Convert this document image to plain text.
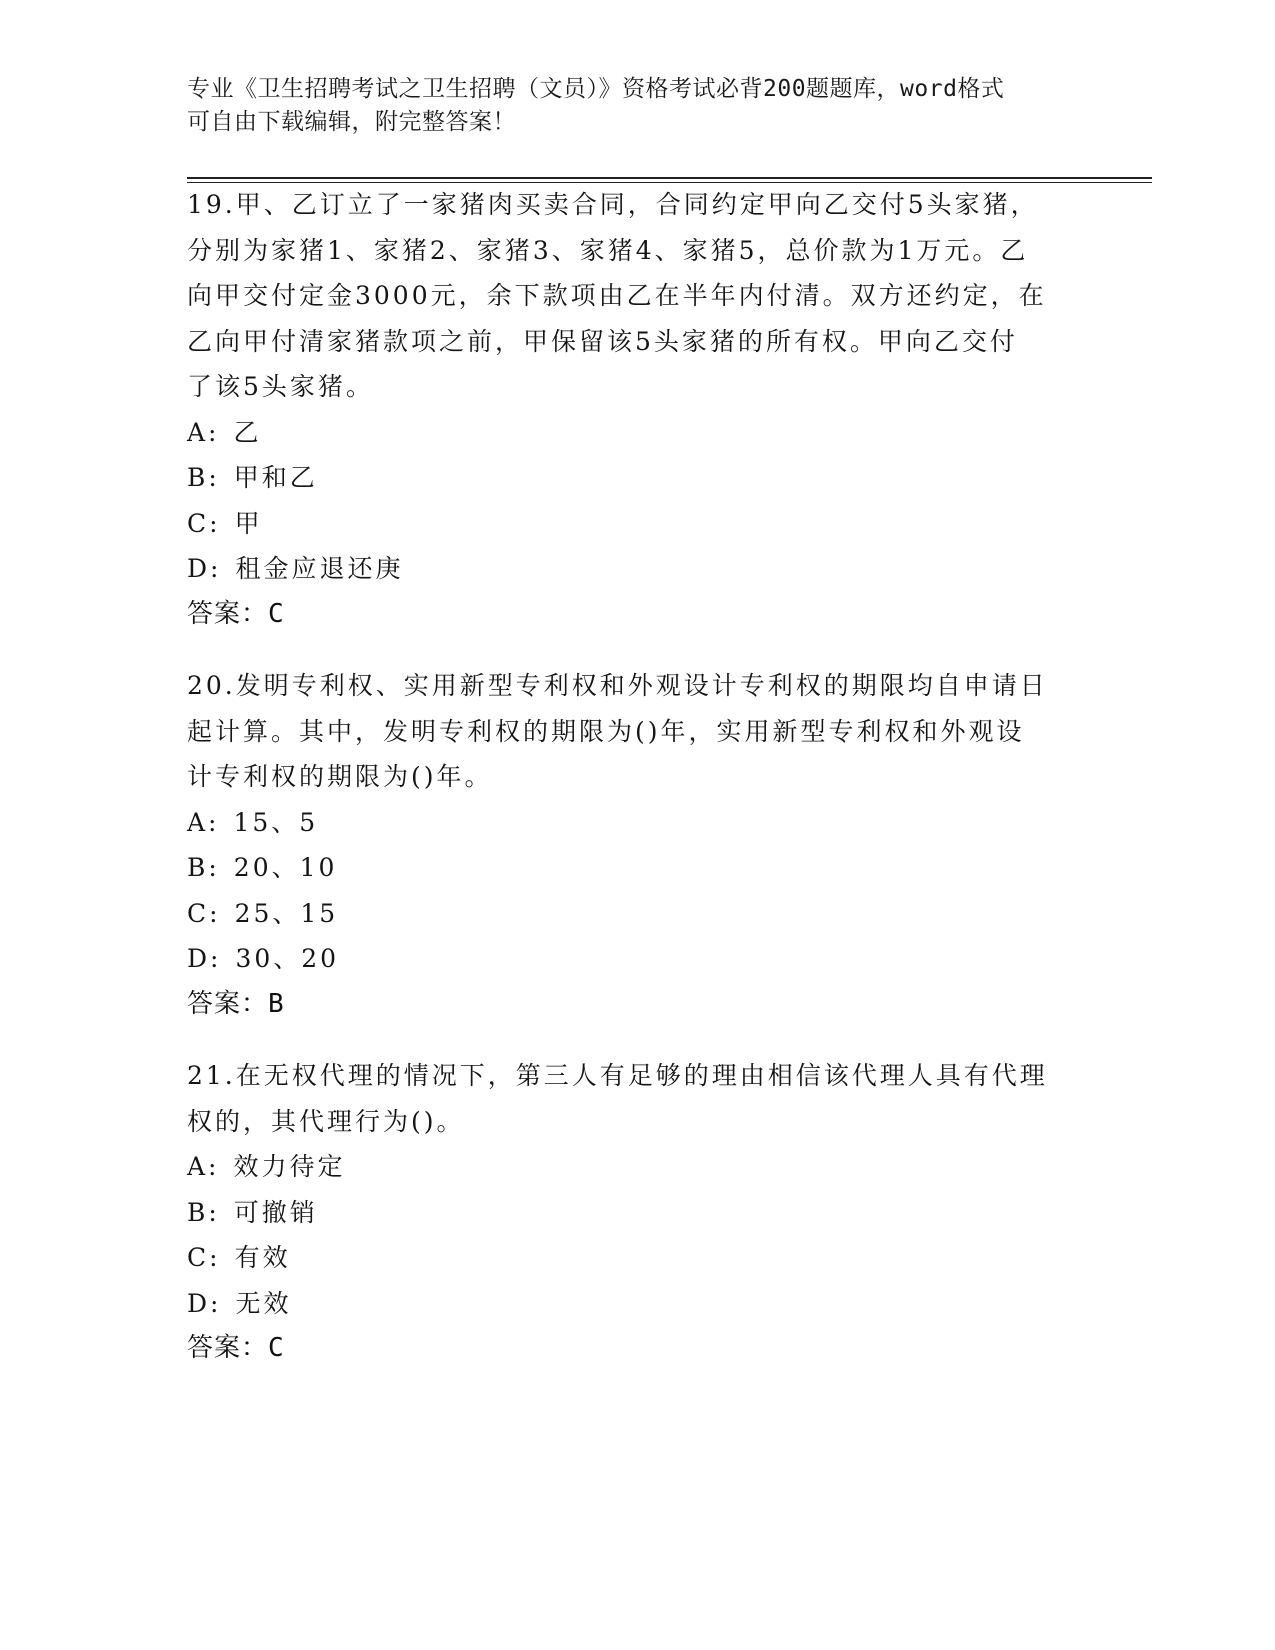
专业《卫生招聘考试之卫生招聘（文员）》资格考试必背200题题库，word格式
可自由下载编辑，附完整答案！
19.甲、乙订立了一家猪肉买卖合同，合同约定甲向乙交付5头家猪，
分别为家猪1、家猪2、家猪3、家猪4、家猪5，总价款为1万元。乙
向甲交付定金3000元，余下款项由乙在半年内付清。双方还约定，在
乙向甲付清家猪款项之前，甲保留该5头家猪的所有权。甲向乙交付
了该5头家猪。
A: 乙
B: 甲和乙
C: 甲
D: 租金应退还庚
答案：C
20.发明专利权、实用新型专利权和外观设计专利权的期限均自申请日
起计算。其中，发明专利权的期限为()年，实用新型专利权和外观设
计专利权的期限为()年。
A: 15、5
B: 20、10
C: 25、15
D: 30、20
答案：B
21.在无权代理的情况下，第三人有足够的理由相信该代理人具有代理
权的，其代理行为()。
A: 效力待定
B: 可撤销
C: 有效
D: 无效
答案：C
